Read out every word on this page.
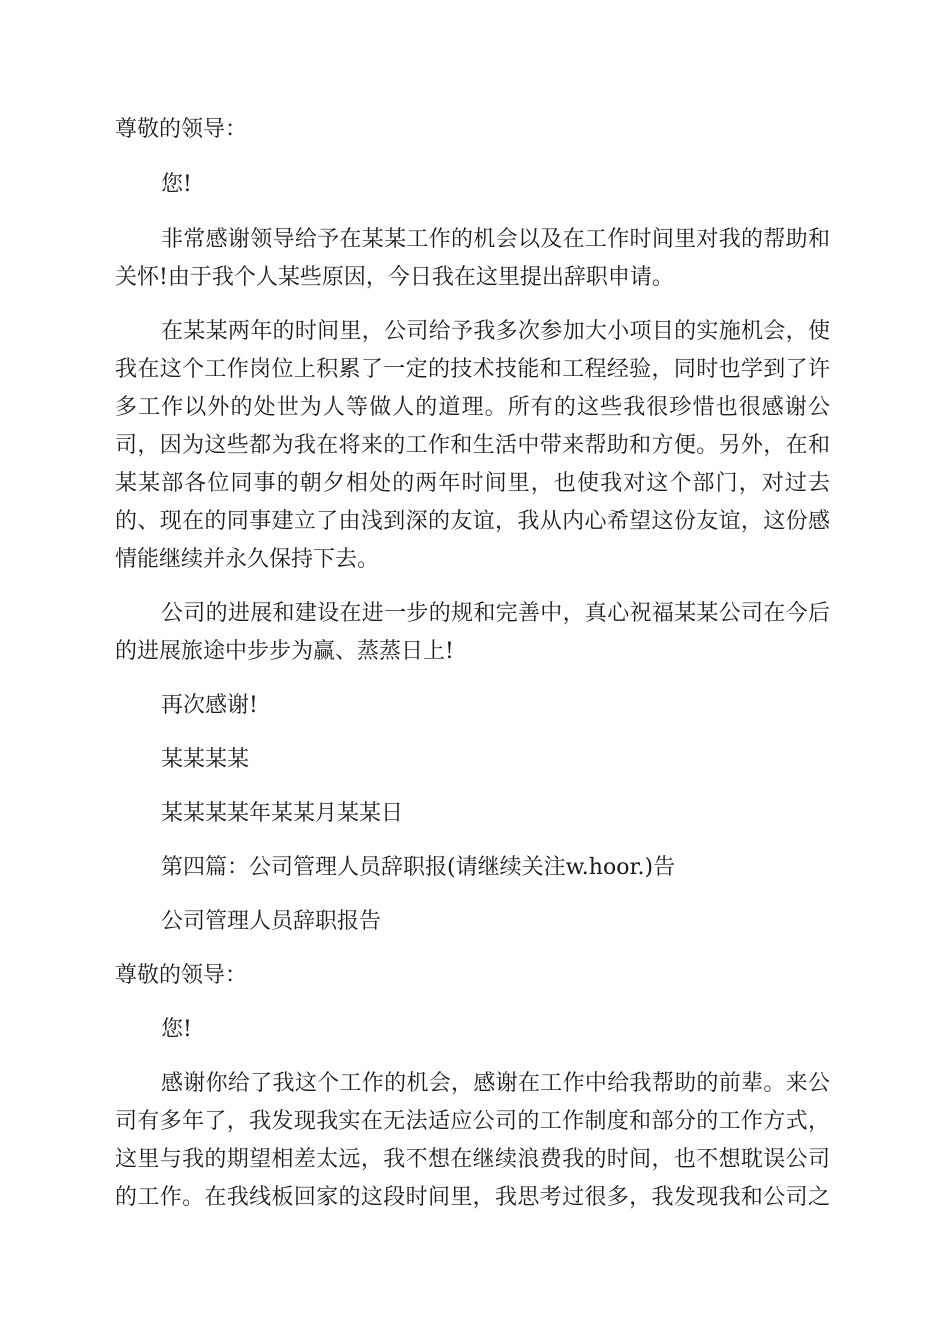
尊敬的领导：
您!
非常感谢领导给予在某某工作的机会以及在工作时间里对我的帮助和
关怀!由于我个人某些原因，今日我在这里提出辞职申请。
在某某两年的时间里，公司给予我多次参加大小项目的实施机会，使
我在这个工作岗位上积累了一定的技术技能和工程经验，同时也学到了许
多工作以外的处世为人等做人的道理。所有的这些我很珍惜也很感谢公
司，因为这些都为我在将来的工作和生活中带来帮助和方便。另外，在和
某某部各位同事的朝夕相处的两年时间里，也使我对这个部门，对过去
的、现在的同事建立了由浅到深的友谊，我从内心希望这份友谊，这份感
情能继续并永久保持下去。
公司的进展和建设在进一步的规和完善中，真心祝福某某公司在今后
的进展旅途中步步为赢、蒸蒸日上!
再次感谢!
某某某某
某某某某年某某月某某日
第四篇：公司管理人员辞职报(请继续关注w.hoor.)告
公司管理人员辞职报告
尊敬的领导：
您!
感谢你给了我这个工作的机会，感谢在工作中给我帮助的前辈。来公
司有多年了，我发现我实在无法适应公司的工作制度和部分的工作方式，
这里与我的期望相差太远，我不想在继续浪费我的时间，也不想耽误公司
的工作。在我线板回家的这段时间里，我思考过很多，我发现我和公司之
